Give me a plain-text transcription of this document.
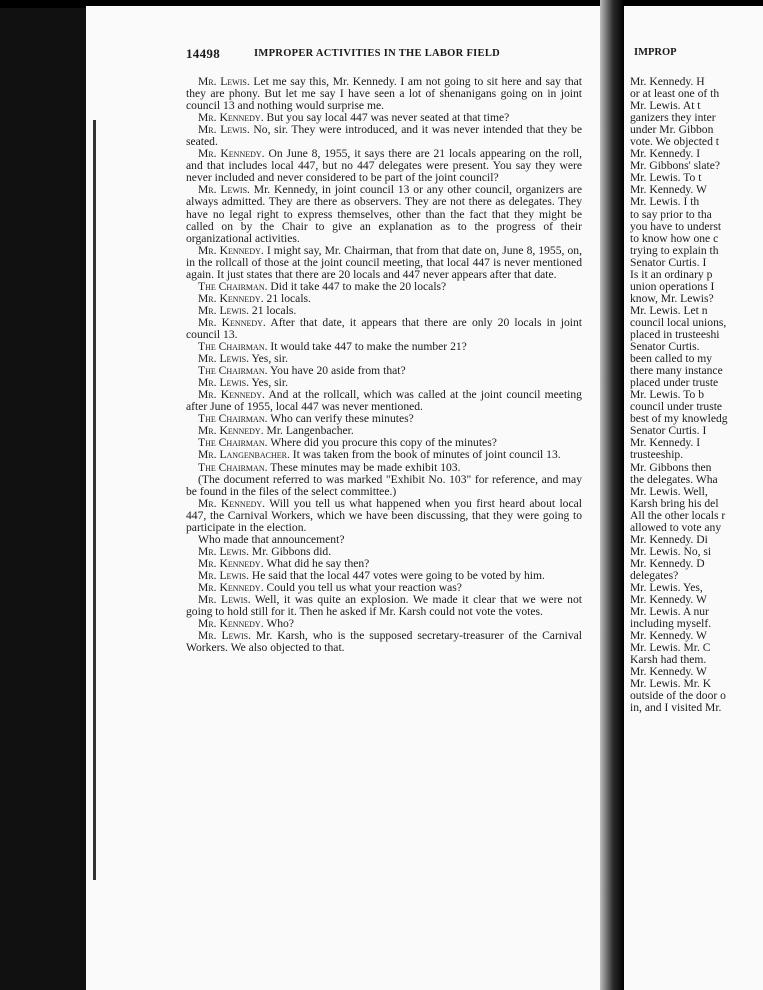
IMPROP
Mr. Kennedy. H
or at least one of th
Mr. Lewis. At t
ganizers they inter
under Mr. Gibbon
vote. We objected t
Mr. Kennedy. I
Mr. Gibbons' slate?
Mr. Lewis. To t
Mr. Kennedy. W
Mr. Lewis. I th
to say prior to tha
you have to underst
to know how one c
trying to explain th
Senator Curtis. I
Is it an ordinary p
union operations I
know, Mr. Lewis?
Mr. Lewis. Let n
council local unions,
placed in trusteeshi
Senator Curtis.
been called to my
there many instance
placed under truste
Mr. Lewis. To b
council under truste
best of my knowledg
Senator Curtis. I
Mr. Kennedy. I
trusteeship.
Mr. Gibbons then
the delegates. Wha
Mr. Lewis. Well,
Karsh bring his del
All the other locals r
allowed to vote any
Mr. Kennedy. Di
Mr. Lewis. No, si
Mr. Kennedy. D
delegates?
Mr. Lewis. Yes,
Mr. Kennedy. W
Mr. Lewis. A nur
including myself.
Mr. Kennedy. W
Mr. Lewis. Mr. C
Karsh had them.
Mr. Kennedy. W
Mr. Lewis. Mr. K
outside of the door o
in, and I visited Mr.
14498	IMPROPER ACTIVITIES IN THE LABOR FIELD

Mr. Lewis. Let me say this, Mr. Kennedy. I am not going to sit here and say that they are phony. But let me say I have seen a lot of shenanigans going on in joint council 13 and nothing would surprise me.

Mr. Kennedy. But you say local 447 was never seated at that time?

Mr. Lewis. No, sir. They were introduced, and it was never intended that they be seated.

Mr. Kennedy. On June 8, 1955, it says there are 21 locals appearing on the roll, and that includes local 447, but no 447 delegates were present. You say they were never included and never considered to be part of the joint council?

Mr. Lewis. Mr. Kennedy, in joint council 13 or any other council, organizers are always admitted. They are there as observers. They are not there as delegates. They have no legal right to express themselves, other than the fact that they might be called on by the Chair to give an explanation as to the progress of their organizational activities.

Mr. Kennedy. I might say, Mr. Chairman, that from that date on, June 8, 1955, on, in the rollcall of those at the joint council meeting, that local 447 is never mentioned again. It just states that there are 20 locals and 447 never appears after that date.

The Chairman. Did it take 447 to make the 20 locals?

Mr. Kennedy. 21 locals.

Mr. Lewis. 21 locals.

Mr. Kennedy. After that date, it appears that there are only 20 locals in joint council 13.

The Chairman. It would take 447 to make the number 21?

Mr. Lewis. Yes, sir.

The Chairman. You have 20 aside from that?

Mr. Lewis. Yes, sir.

Mr. Kennedy. And at the rollcall, which was called at the joint council meeting after June of 1955, local 447 was never mentioned.

The Chairman. Who can verify these minutes?

Mr. Kennedy. Mr. Langenbacher.

The Chairman. Where did you procure this copy of the minutes?

Mr. Langenbacher. It was taken from the book of minutes of joint council 13.

The Chairman. These minutes may be made exhibit 103.

(The document referred to was marked "Exhibit No. 103" for reference, and may be found in the files of the select committee.)

Mr. Kennedy. Will you tell us what happened when you first heard about local 447, the Carnival Workers, which we have been discussing, that they were going to participate in the election.

Who made that announcement?

Mr. Lewis. Mr. Gibbons did.

Mr. Kennedy. What did he say then?

Mr. Lewis. He said that the local 447 votes were going to be voted by him.

Mr. Kennedy. Could you tell us what your reaction was?

Mr. Lewis. Well, it was quite an explosion. We made it clear that we were not going to hold still for it. Then he asked if Mr. Karsh could not vote the votes.

Mr. Kennedy. Who?

Mr. Lewis. Mr. Karsh, who is the supposed secretary-treasurer of the Carnival Workers. We also objected to that.
